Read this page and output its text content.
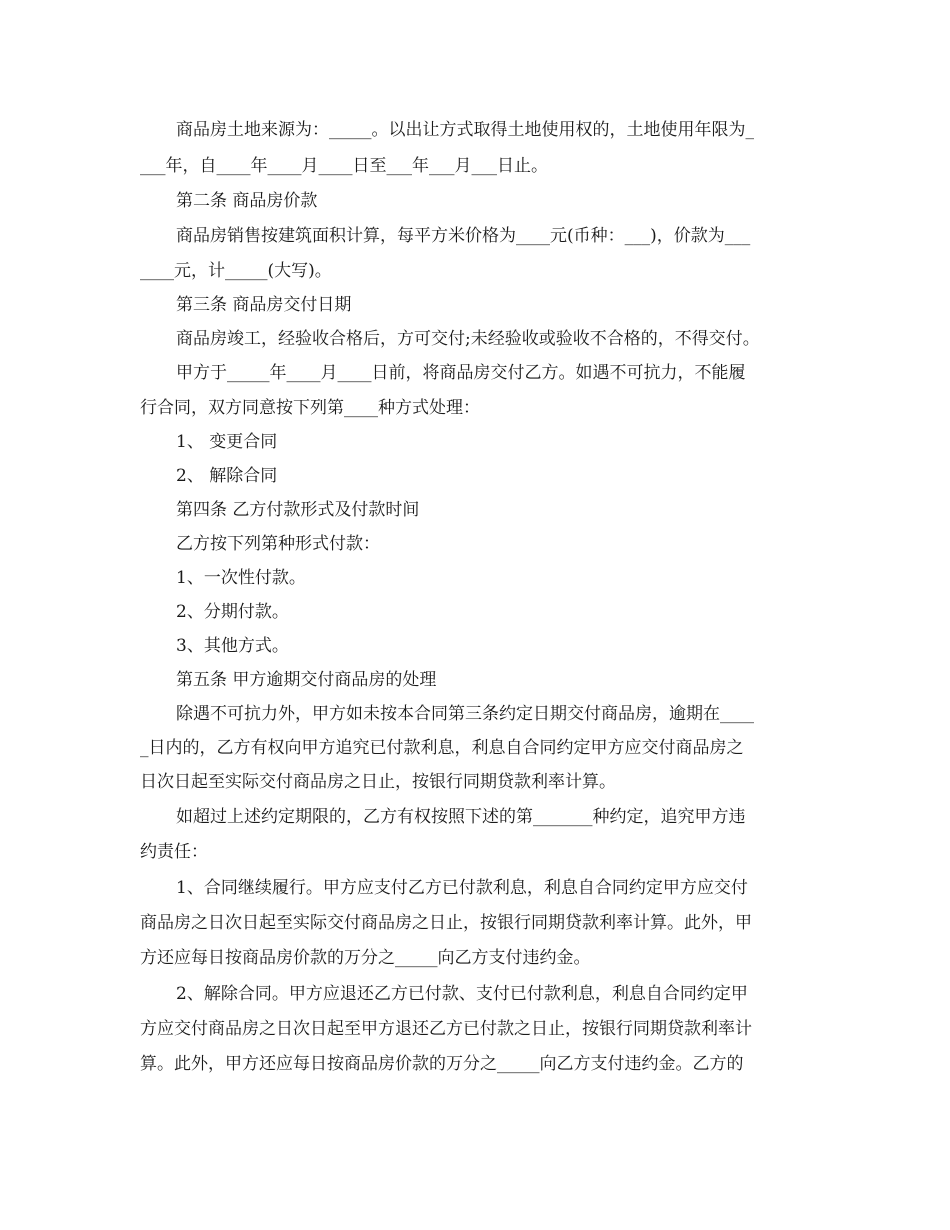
商品房土地来源为：_____。以出让方式取得土地使用权的，土地使用年限为_
___年，自____年____月____日至___年___月___日止。
第二条 商品房价款
商品房销售按建筑面积计算，每平方米价格为____元(币种：___)，价款为___
____元，计_____(大写)。
第三条 商品房交付日期
商品房竣工，经验收合格后，方可交付;未经验收或验收不合格的，不得交付。
甲方于_____年____月____日前，将商品房交付乙方。如遇不可抗力，不能履
行合同，双方同意按下列第____种方式处理：
1、 变更合同
2、 解除合同
第四条 乙方付款形式及付款时间
乙方按下列第种形式付款：
1、一次性付款。
2、分期付款。
3、其他方式。
第五条 甲方逾期交付商品房的处理
除遇不可抗力外，甲方如未按本合同第三条约定日期交付商品房，逾期在____
_日内的，乙方有权向甲方追究已付款利息，利息自合同约定甲方应交付商品房之
日次日起至实际交付商品房之日止，按银行同期贷款利率计算。
如超过上述约定期限的，乙方有权按照下述的第_______种约定，追究甲方违
约责任：
1、合同继续履行。甲方应支付乙方已付款利息，利息自合同约定甲方应交付
商品房之日次日起至实际交付商品房之日止，按银行同期贷款利率计算。此外，甲
方还应每日按商品房价款的万分之_____向乙方支付违约金。
2、解除合同。甲方应退还乙方已付款、支付已付款利息，利息自合同约定甲
方应交付商品房之日次日起至甲方退还乙方已付款之日止，按银行同期贷款利率计
算。此外，甲方还应每日按商品房价款的万分之_____向乙方支付违约金。乙方的
